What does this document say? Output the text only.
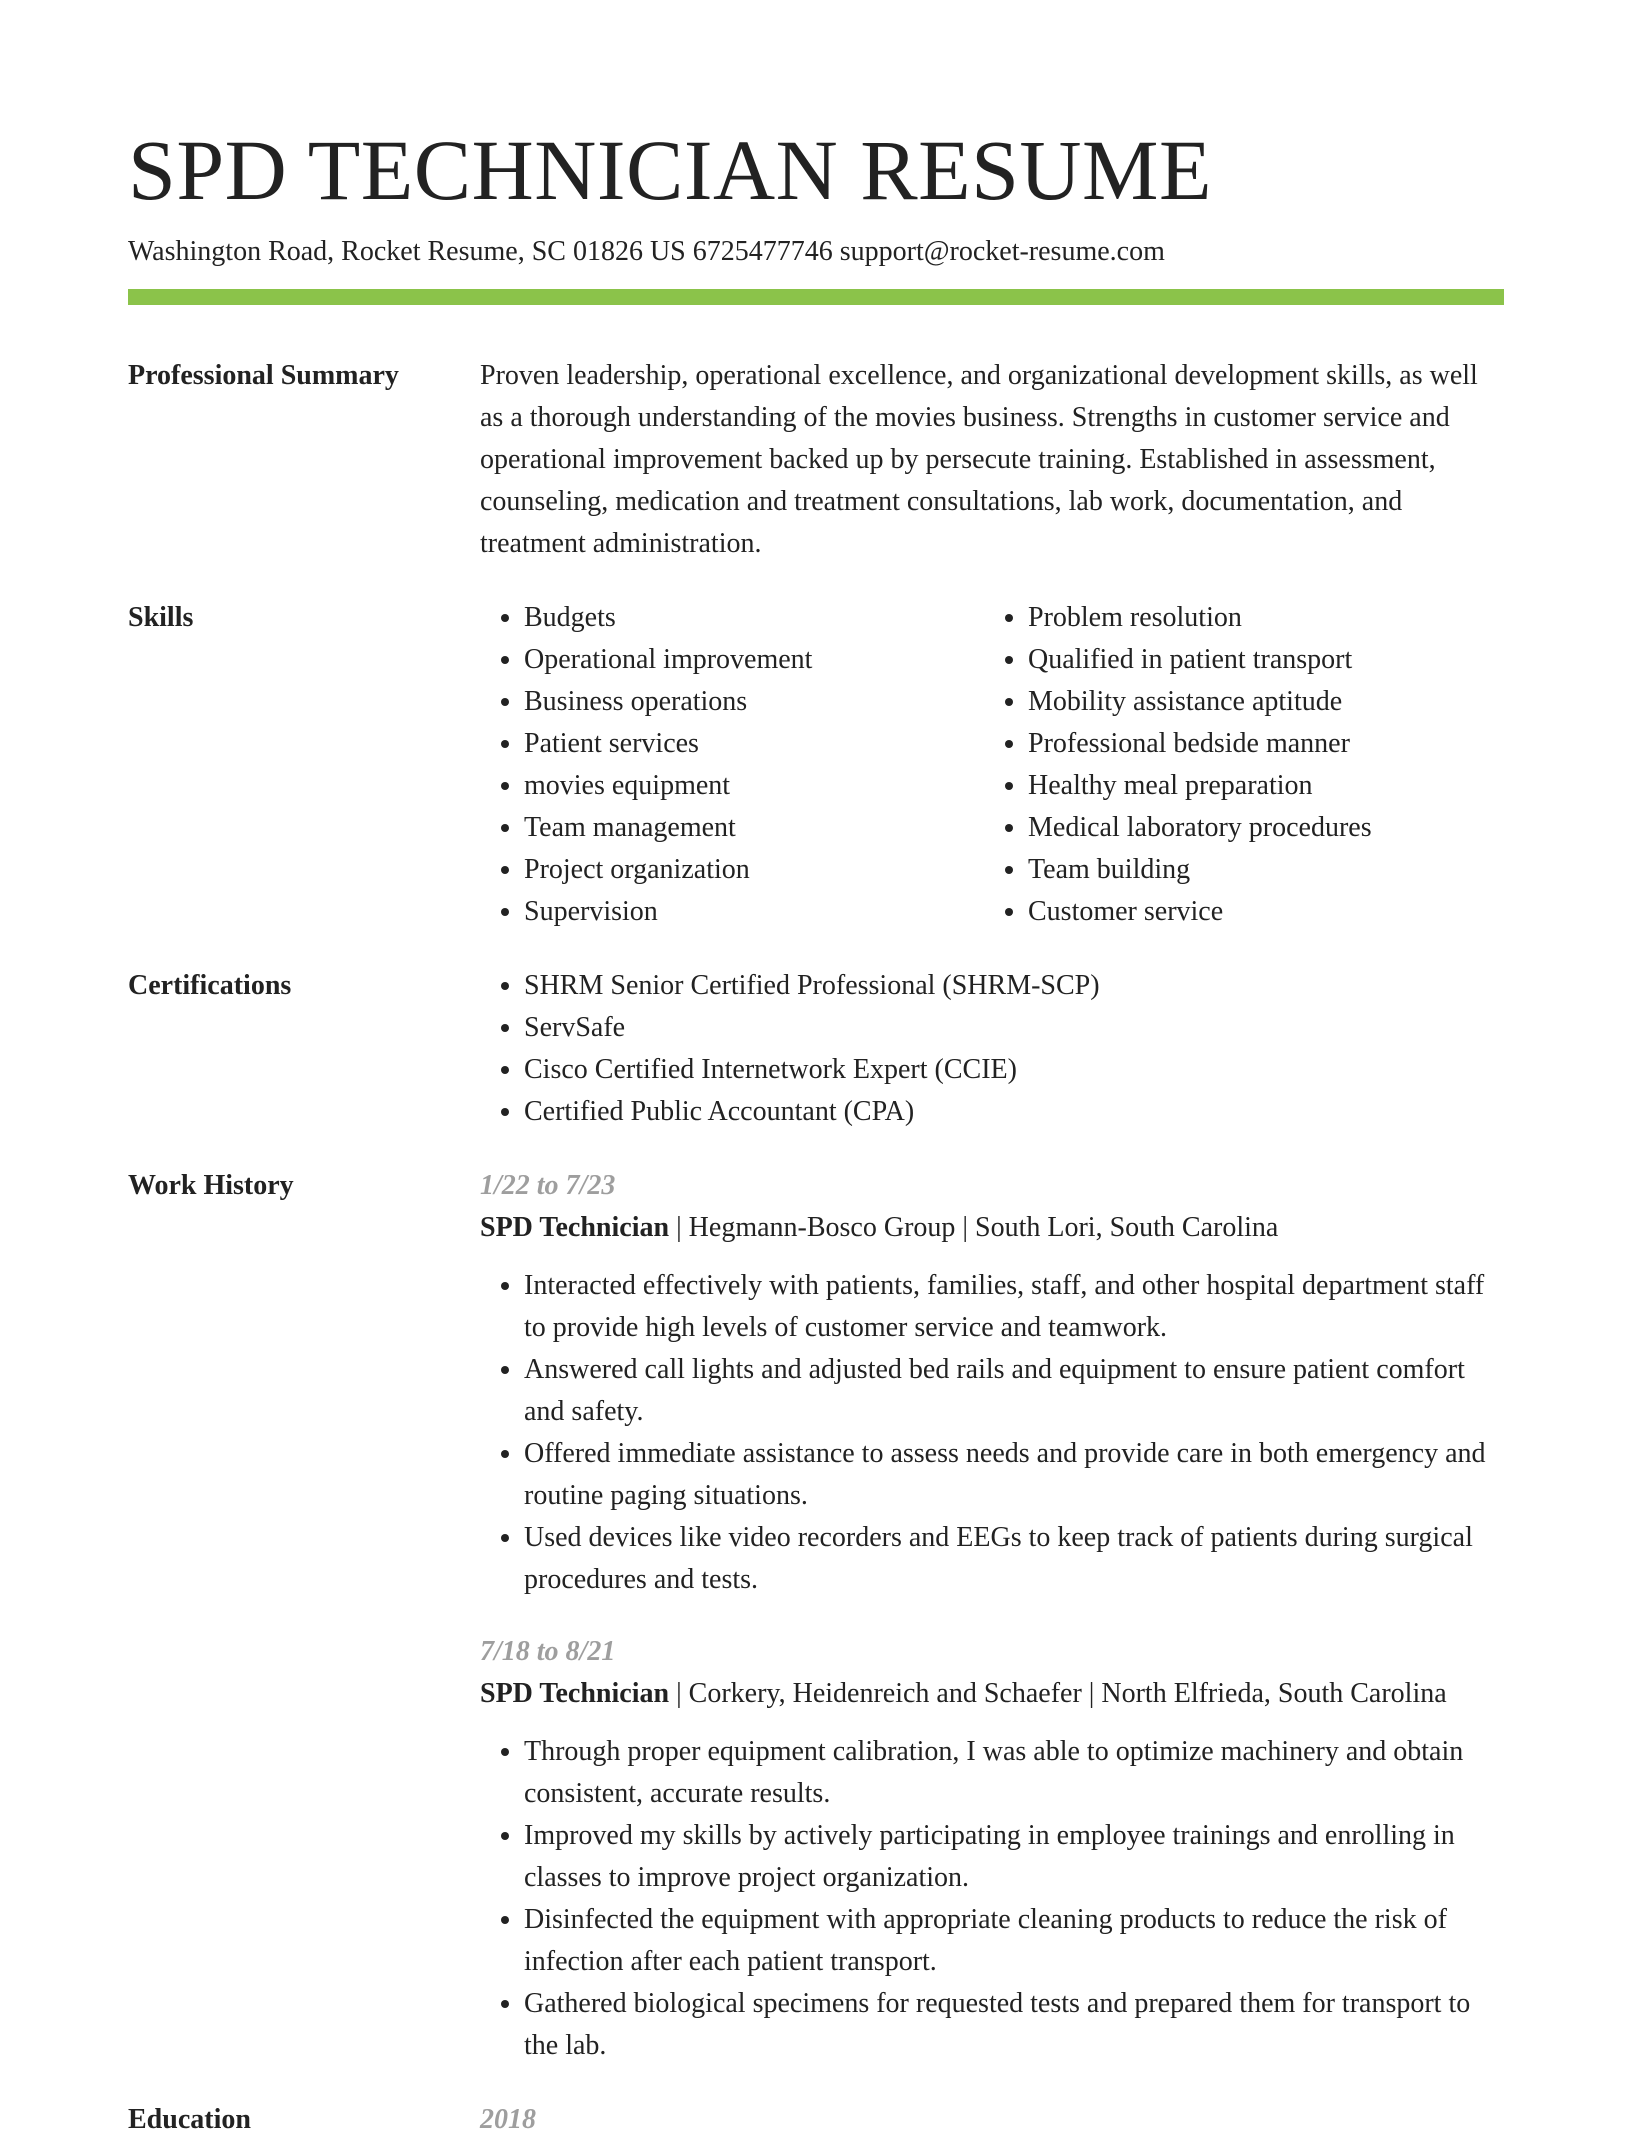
SPD TECHNICIAN RESUME
Washington Road, Rocket Resume, SC 01826 US 6725477746 support@rocket-resume.com
Professional Summary	Proven leadership, operational excellence, and organizational development skills, as well as a thorough understanding of the movies business. Strengths in customer service and operational improvement backed up by persecute training. Established in assessment, counseling, medication and treatment consultations, lab work, documentation, and treatment administration.
Skills	• Budgets
• Operational improvement
• Business operations
• Patient services
• movies equipment
• Team management
• Project organization
• Supervision
• Problem resolution
• Qualified in patient transport
• Mobility assistance aptitude
• Professional bedside manner
• Healthy meal preparation
• Medical laboratory procedures
• Team building
• Customer service
Certifications	• SHRM Senior Certified Professional (SHRM-SCP)
• ServSafe
• Cisco Certified Internetwork Expert (CCIE)
• Certified Public Accountant (CPA)
Work History	1/22 to 7/23
SPD Technician | Hegmann-Bosco Group | South Lori, South Carolina
• Interacted effectively with patients, families, staff, and other hospital department staff to provide high levels of customer service and teamwork.
• Answered call lights and adjusted bed rails and equipment to ensure patient comfort and safety.
• Offered immediate assistance to assess needs and provide care in both emergency and routine paging situations.
• Used devices like video recorders and EEGs to keep track of patients during surgical procedures and tests.
7/18 to 8/21
SPD Technician | Corkery, Heidenreich and Schaefer | North Elfrieda, South Carolina
• Through proper equipment calibration, I was able to optimize machinery and obtain consistent, accurate results.
• Improved my skills by actively participating in employee trainings and enrolling in classes to improve project organization.
• Disinfected the equipment with appropriate cleaning products to reduce the risk of infection after each patient transport.
• Gathered biological specimens for requested tests and prepared them for transport to the lab.
Education	2018
